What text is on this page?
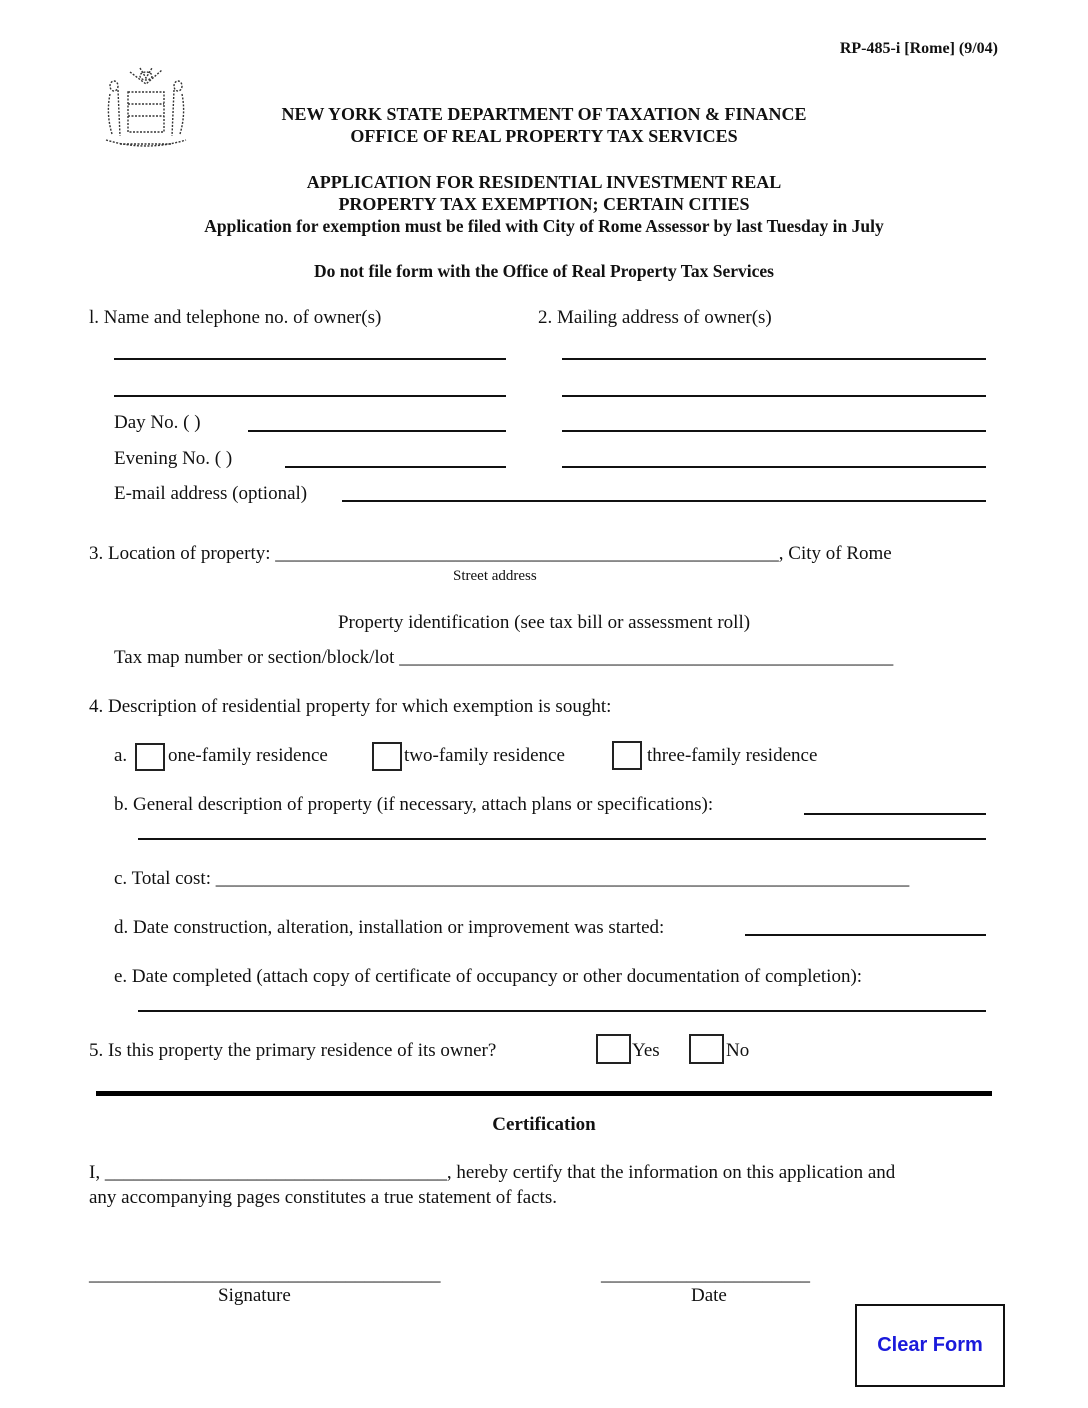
RP-485-i [Rome] (9/04)
NEW YORK STATE DEPARTMENT OF TAXATION & FINANCE
OFFICE OF REAL PROPERTY TAX SERVICES
APPLICATION FOR RESIDENTIAL INVESTMENT REAL
PROPERTY TAX EXEMPTION; CERTAIN CITIES
Application for exemption must be filed with City of Rome Assessor by last Tuesday in July
Do not file form with the Office of Real Property Tax Services
l. Name and telephone no. of owner(s)	2. Mailing address of owner(s)
Day No. ( )
Evening No. ( )
E-mail address (optional)
3. Location of property: _____________________________________________________, City of Rome
Street address
Property identification (see tax bill or assessment roll)
Tax map number or section/block/lot ____________________________________________________
4. Description of residential property for which exemption is sought:
a. one-family residence	two-family residence	three-family residence
b. General description of property (if necessary, attach plans or specifications):
c. Total cost: _________________________________________________________________________
d. Date construction, alteration, installation or improvement was started:
e. Date completed (attach copy of certificate of occupancy or other documentation of completion):
5. Is this property the primary residence of its owner?	Yes	No
Certification
I, ____________________________________, hereby certify that the information on this application and
any accompanying pages constitutes a true statement of facts.
_____________________________________
Signature
______________________
Date
Clear Form
